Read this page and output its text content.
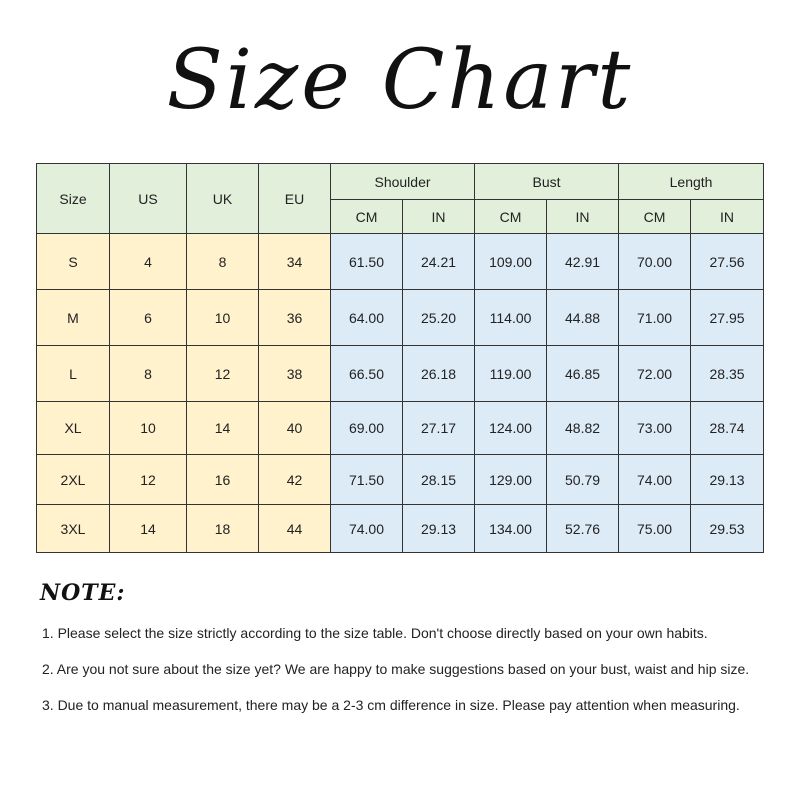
Size Chart
Size	US	UK	EU	Shoulder		Bust		Length	
				CM	IN	CM	IN	CM	IN
S	4	8	34	61.50	24.21	109.00	42.91	70.00	27.56
M	6	10	36	64.00	25.20	114.00	44.88	71.00	27.95
L	8	12	38	66.50	26.18	119.00	46.85	72.00	28.35
XL	10	14	40	69.00	27.17	124.00	48.82	73.00	28.74
2XL	12	16	42	71.50	28.15	129.00	50.79	74.00	29.13
3XL	14	18	44	74.00	29.13	134.00	52.76	75.00	29.53
NOTE:
1. Please select the size strictly according to the size table. Don't choose directly based on your own habits.
2. Are you not sure about the size yet? We are happy to make suggestions based on your bust, waist and hip size.
3. Due to manual measurement, there may be a 2-3 cm difference in size. Please pay attention when measuring.
